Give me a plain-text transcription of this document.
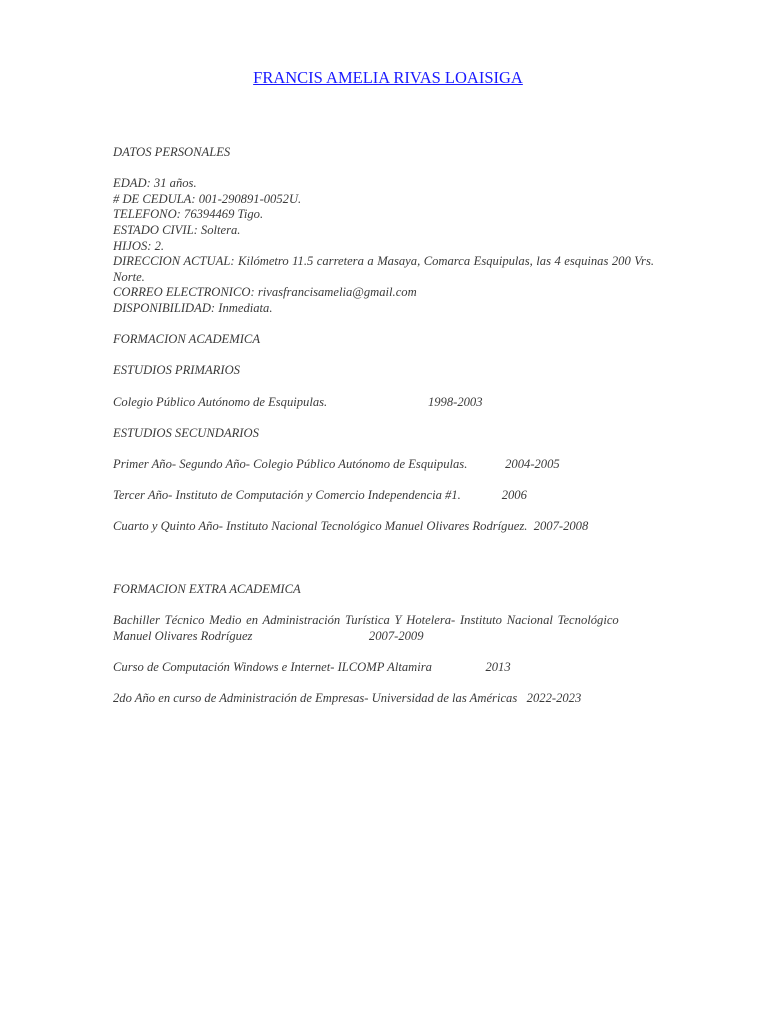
FRANCIS AMELIA RIVAS LOAISIGA

DATOS PERSONALES

EDAD: 31 años.

# DE CEDULA: 001-290891-0052U.

TELEFONO: 76394469 Tigo.

ESTADO CIVIL: Soltera.

HIJOS: 2.

DIRECCION ACTUAL: Kilómetro 11.5 carretera a Masaya, Comarca Esquipulas, las 4 esquinas 200 Vrs. Norte.

CORREO ELECTRONICO: rivasfrancisamelia@gmail.com

DISPONIBILIDAD: Inmediata.

FORMACION ACADEMICA

ESTUDIOS PRIMARIOS

Colegio Público Autónomo de Esquipulas.                                1998-2003

ESTUDIOS SECUNDARIOS

Primer Año- Segundo Año- Colegio Público Autónomo de Esquipulas.            2004-2005

Tercer Año- Instituto de Computación y Comercio Independencia #1.             2006

Cuarto y Quinto Año- Instituto Nacional Tecnológico Manuel Olivares Rodríguez.  2007-2008

FORMACION EXTRA ACADEMICA

Bachiller Técnico Medio en Administración Turística Y Hotelera- Instituto Nacional Tecnológico

Manuel Olivares Rodríguez                                     2007-2009

Curso de Computación Windows e Internet- ILCOMP Altamira                 2013

2do Año en curso de Administración de Empresas- Universidad de las Américas   2022-2023
